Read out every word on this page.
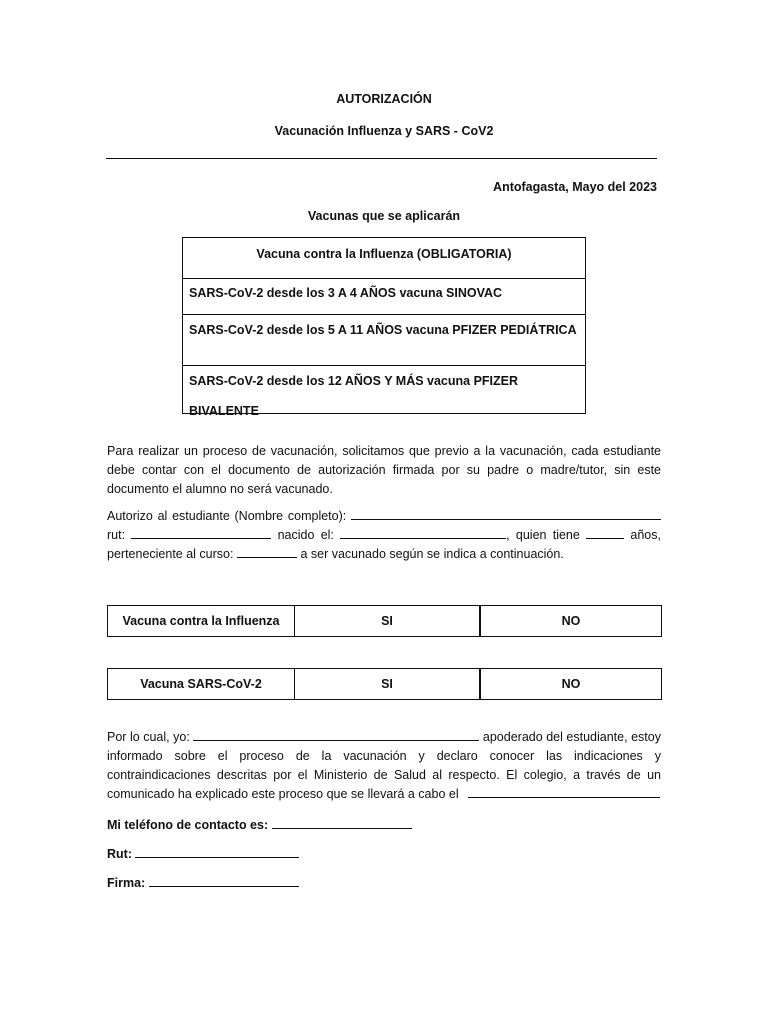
AUTORIZACIÓN
Vacunación Influenza y SARS - CoV2
Antofagasta, Mayo del 2023
Vacunas que se aplicarán
Vacuna contra la Influenza (OBLIGATORIA)
SARS-CoV-2 desde los 3 A 4 AÑOS vacuna SINOVAC
SARS-CoV-2 desde los 5 A 11 AÑOS vacuna PFIZER PEDIÁTRICA
SARS-CoV-2 desde los 12 AÑOS Y MÁS vacuna PFIZER BIVALENTE
Para realizar un proceso de vacunación, solicitamos que previo a la vacunación, cada estudiante debe contar con el documento de autorización firmada por su padre o madre/tutor, sin este documento el alumno no será vacunado.
Autorizo al estudiante (Nombre completo):  rut:	nacido el:	, quien tiene	años, perteneciente al curso:	a ser vacunado según se indica a continuación.
Vacuna contra la Influenza	SI	NO
Vacuna SARS-CoV-2	SI	NO
Por lo cual, yo:	apoderado del estudiante, estoy informado sobre el proceso de la vacunación y declaro conocer las indicaciones y contraindicaciones descritas por el Ministerio de Salud al respecto. El colegio, a través de un comunicado ha explicado este proceso que se llevará a cabo el
Mi teléfono de contacto es:
Rut:
Firma:
